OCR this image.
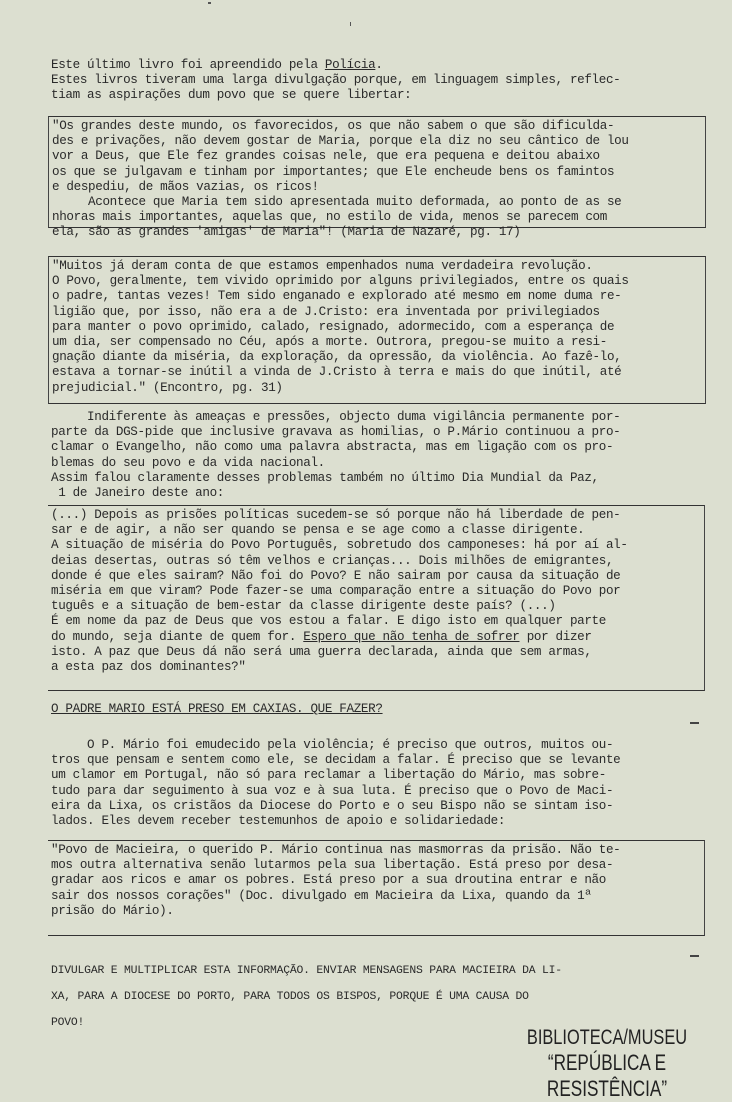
Este último livro foi apreendido pela Polícia.
Estes livros tiveram uma larga divulgação porque, em linguagem simples, reflec-
tiam as aspirações dum povo que se quere libertar:
"Os grandes deste mundo, os favorecidos, os que não sabem o que são dificulda-
des e privações, não devem gostar de Maria, porque ela diz no seu cântico de lou
vor a Deus, que Ele fez grandes coisas nele, que era pequena e deitou abaixo
os que se julgavam e tinham por importantes; que Ele encheude bens os famintos
e despediu, de mãos vazias, os ricos!
Acontece que Maria tem sido apresentada muito deformada, ao ponto de as se
nhoras mais importantes, aquelas que, no estilo de vida, menos se parecem com
ela, são as grandes 'amigas' de Maria"! (Maria de Nazaré, pg. 17)
"Muitos já deram conta de que estamos empenhados numa verdadeira revolução.
O Povo, geralmente, tem vivido oprimido por alguns privilegiados, entre os quais
o padre, tantas vezes! Tem sido enganado e explorado até mesmo em nome duma re-
ligião que, por isso, não era a de J.Cristo: era inventada por privilegiados
para manter o povo oprimido, calado, resignado, adormecido, com a esperança de
um dia, ser compensado no Céu, após a morte. Outrora, pregou-se muito a resi-
gnação diante da miséria, da exploração, da opressão, da violência. Ao fazê-lo,
estava a tornar-se inútil a vinda de J.Cristo à terra e mais do que inútil, até
prejudicial." (Encontro, pg. 31)
Indiferente às ameaças e pressões, objecto duma vigilância permanente por-
parte da DGS-pide que inclusive gravava as homilias, o P.Mário continuou a pro-
clamar o Evangelho, não como uma palavra abstracta, mas em ligação com os pro-
blemas do seu povo e da vida nacional.
Assim falou claramente desses problemas também no último Dia Mundial da Paz,
1 de Janeiro deste ano:
(...) Depois as prisões políticas sucedem-se só porque não há liberdade de pen-
sar e de agir, a não ser quando se pensa e se age como a classe dirigente.
A situação de miséria do Povo Português, sobretudo dos camponeses: há por aí al-
deias desertas, outras só têm velhos e crianças... Dois milhões de emigrantes,
donde é que eles sairam? Não foi do Povo? E não sairam por causa da situação de
miséria em que viram? Pode fazer-se uma comparação entre a situação do Povo por
tuguês e a situação de bem-estar da classe dirigente deste país? (...)
É em nome da paz de Deus que vos estou a falar. E digo isto em qualquer parte
do mundo, seja diante de quem for. Espero que não tenha de sofrer por dizer
isto. A paz que Deus dá não será uma guerra declarada, ainda que sem armas,
a esta paz dos dominantes?"
O PADRE MARIO ESTÁ PRESO EM CAXIAS. QUE FAZER?
O P. Mário foi emudecido pela violência; é preciso que outros, muitos ou-
tros que pensam e sentem como ele, se decidam a falar. É preciso que se levante
um clamor em Portugal, não só para reclamar a libertação do Mário, mas sobre-
tudo para dar seguimento à sua voz e à sua luta. É preciso que o Povo de Maci-
eira da Lixa, os cristãos da Diocese do Porto e o seu Bispo não se sintam iso-
lados. Eles devem receber testemunhos de apoio e solidariedade:
"Povo de Macieira, o querido P. Mário continua nas masmorras da prisão. Não te-
mos outra alternativa senão lutarmos pela sua libertação. Está preso por desa-
gradar aos ricos e amar os pobres. Está preso por a sua droutina entrar e não
sair dos nossos corações" (Doc. divulgado em Macieira da Lixa, quando da 1ª
prisão do Mário).
DIVULGAR E MULTIPLICAR ESTA INFORMAÇÃO. ENVIAR MENSAGENS PARA MACIEIRA DA LI-
XA, PARA A DIOCESE DO PORTO, PARA TODOS OS BISPOS, PORQUE É UMA CAUSA DO
POVO!
BIBLIOTECA/MUSEU
“REPÚBLICA E RESISTÊNCIA”
